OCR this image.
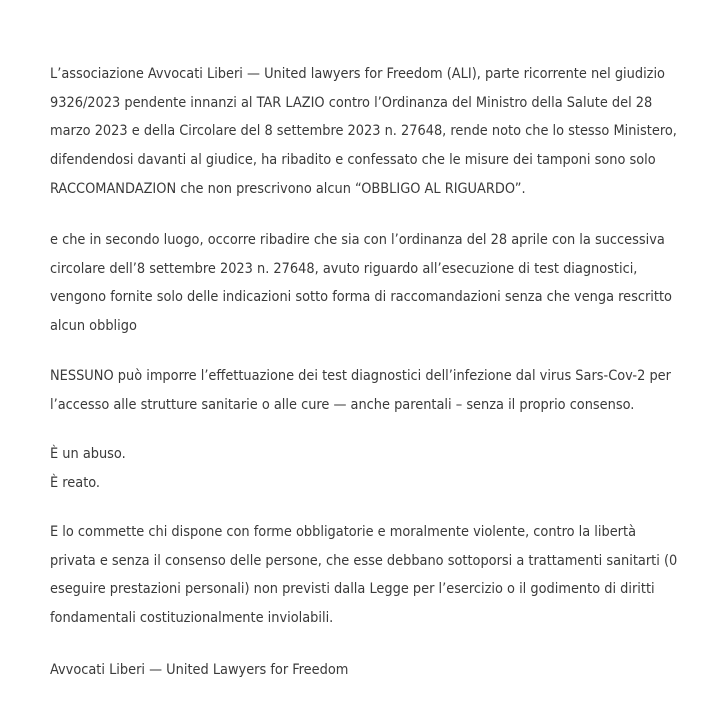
L’associazione Avvocati Liberi — United lawyers for Freedom (ALI), parte ricorrente nel giudizio
9326/2023 pendente innanzi al TAR LAZIO contro l’Ordinanza del Ministro della Salute del 28
marzo 2023 e della Circolare del 8 settembre 2023 n. 27648, rende noto che lo stesso Ministero,
difendendosi davanti al giudice, ha ribadito e confessato che le misure dei tamponi sono solo
RACCOMANDAZION che non prescrivono alcun “OBBLIGO AL RIGUARDO”.
e che in secondo luogo, occorre ribadire che sia con l’ordinanza del 28 aprile con la successiva
circolare dell’8 settembre 2023 n. 27648, avuto riguardo all’esecuzione di test diagnostici,
vengono fornite solo delle indicazioni sotto forma di raccomandazioni senza che venga rescritto
alcun obbligo
NESSUNO può imporre l’effettuazione dei test diagnostici dell’infezione dal virus Sars-Cov-2 per
l’accesso alle strutture sanitarie o alle cure — anche parentali – senza il proprio consenso.
È un abuso.
È reato.
E lo commette chi dispone con forme obbligatorie e moralmente violente, contro la libertà
privata e senza il consenso delle persone, che esse debbano sottoporsi a trattamenti sanitarti (0
eseguire prestazioni personali) non previsti dalla Legge per l’esercizio o il godimento di diritti
fondamentali costituzionalmente inviolabili.
Avvocati Liberi — United Lawyers for Freedom
